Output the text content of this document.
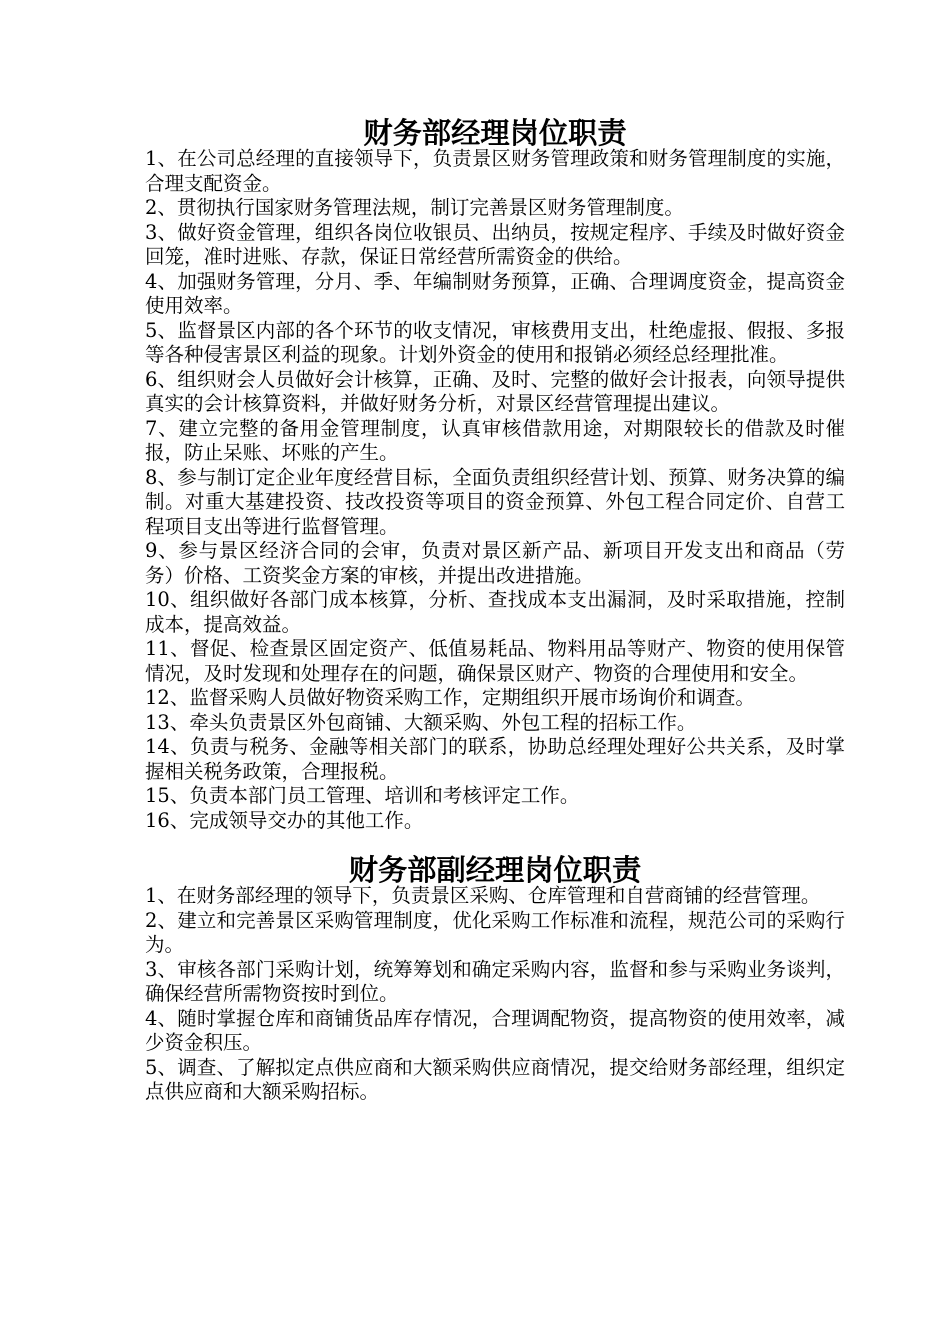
财务部经理岗位职责

1、在公司总经理的直接领导下，负责景区财务管理政策和财务管理制度的实施，合理支配资金。

2、贯彻执行国家财务管理法规，制订完善景区财务管理制度。

3、做好资金管理，组织各岗位收银员、出纳员，按规定程序、手续及时做好资金回笼，准时进账、存款，保证日常经营所需资金的供给。

4、加强财务管理，分月、季、年编制财务预算，正确、合理调度资金，提高资金使用效率。

5、监督景区内部的各个环节的收支情况，审核费用支出，杜绝虚报、假报、多报等各种侵害景区利益的现象。计划外资金的使用和报销必须经总经理批准。

6、组织财会人员做好会计核算，正确、及时、完整的做好会计报表，向领导提供真实的会计核算资料，并做好财务分析，对景区经营管理提出建议。

7、建立完整的备用金管理制度，认真审核借款用途，对期限较长的借款及时催报，防止呆账、坏账的产生。

8、参与制订定企业年度经营目标，全面负责组织经营计划、预算、财务决算的编制。对重大基建投资、技改投资等项目的资金预算、外包工程合同定价、自营工程项目支出等进行监督管理。

9、参与景区经济合同的会审，负责对景区新产品、新项目开发支出和商品（劳务）价格、工资奖金方案的审核，并提出改进措施。

10、组织做好各部门成本核算，分析、查找成本支出漏洞，及时采取措施，控制成本，提高效益。

11、督促、检查景区固定资产、低值易耗品、物料用品等财产、物资的使用保管情况，及时发现和处理存在的问题，确保景区财产、物资的合理使用和安全。

12、监督采购人员做好物资采购工作，定期组织开展市场询价和调查。

13、牵头负责景区外包商铺、大额采购、外包工程的招标工作。

14、负责与税务、金融等相关部门的联系，协助总经理处理好公共关系，及时掌握相关税务政策，合理报税。

15、负责本部门员工管理、培训和考核评定工作。

16、完成领导交办的其他工作。

财务部副经理岗位职责

1、在财务部经理的领导下，负责景区采购、仓库管理和自营商铺的经营管理。

2、建立和完善景区采购管理制度，优化采购工作标准和流程，规范公司的采购行为。

3、审核各部门采购计划，统筹筹划和确定采购内容，监督和参与采购业务谈判，确保经营所需物资按时到位。

4、随时掌握仓库和商铺货品库存情况，合理调配物资，提高物资的使用效率，减少资金积压。

5、调查、了解拟定点供应商和大额采购供应商情况，提交给财务部经理，组织定点供应商和大额采购招标。
